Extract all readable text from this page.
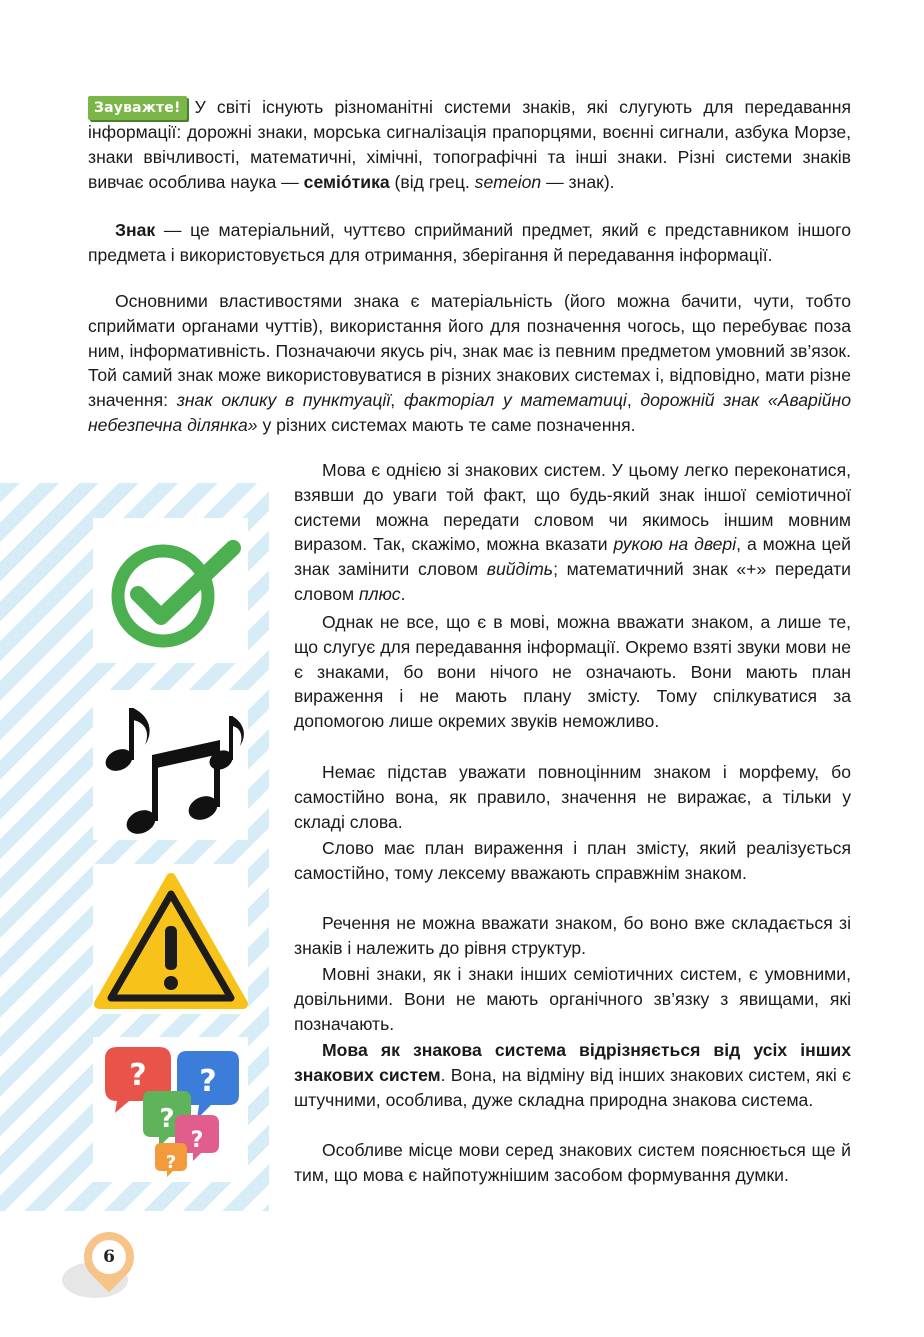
Зауважте! У світі існують різноманітні системи знаків, які слугують для передавання інформації: дорожні знаки, морська сигналізація прапорцями, воєнні сигнали, азбука Морзе, знаки ввічливості, математичні, хімічні, топографічні та інші знаки. Різні системи знаків вивчає особлива наука — семіóтика (від грец. semeion — знак).

Знак — це матеріальний, чуттєво сприйманий предмет, який є представником іншого предмета і використовується для отримання, зберігання й передавання інформації.

Основними властивостями знака є матеріальність (його можна бачити, чути, тобто сприймати органами чуттів), використання його для позначення чогось, що перебуває поза ним, інформативність. Позначаючи якусь річ, знак має із певним предметом умовний зв’язок. Той самий знак може використовуватися в різних знакових системах і, відповідно, мати різне значення: знак оклику в пунктуації, факторіал у математиці, дорожній знак «Аварійно небезпечна ділянка» у різних системах мають те саме позначення.

? ?
?
?
?

Мова є однією зі знакових систем. У цьому легко переконатися, взявши до уваги той факт, що будь-який знак іншої семіотичної системи можна передати словом чи якимось іншим мовним виразом. Так, скажімо, можна вказати рукою на двері, а можна цей знак замінити словом вийдіть; математичний знак «+» передати словом плюс.

Однак не все, що є в мові, можна вважати знаком, а лише те, що слугує для передавання інформації. Окремо взяті звуки мови не є знаками, бо вони нічого не означають. Вони мають план вираження і не мають плану змісту. Тому спілкуватися за допомогою лише окремих звуків неможливо.

Немає підстав уважати повноцінним знаком і морфему, бо самостійно вона, як правило, значення не виражає, а тільки у складі слова.

Слово має план вираження і план змісту, який реалізується самостійно, тому лексему вважають справжнім знаком.

Речення не можна вважати знаком, бо воно вже складається зі знаків і належить до рівня структур.

Мовні знаки, як і знаки інших семіотичних систем, є умовними, довільними. Вони не мають органічного зв’язку з явищами, які позначають.

Мова як знакова система відрізняється від усіх інших знакових систем. Вона, на відміну від інших знакових систем, які є штучними, особлива, дуже складна природна знакова система.

Особливе місце мови серед знакових систем пояснюється ще й тим, що мова є найпотужнішим засобом формування думки.

6
